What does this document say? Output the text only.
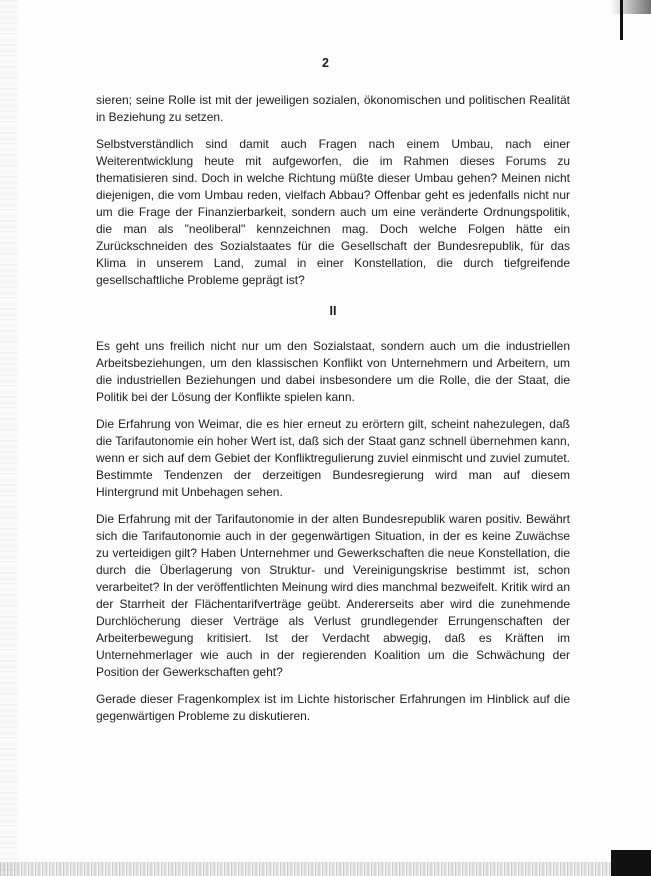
2

sieren; seine Rolle ist mit der jeweiligen sozialen, ökonomischen und politischen Realität in Beziehung zu setzen.

Selbstverständlich sind damit auch Fragen nach einem Umbau, nach einer Weiterentwicklung heute mit aufgeworfen, die im Rahmen dieses Forums zu thematisieren sind. Doch in welche Richtung müßte dieser Umbau gehen? Meinen nicht diejenigen, die vom Umbau reden, vielfach Abbau? Offenbar geht es jedenfalls nicht nur um die Frage der Finanzierbarkeit, sondern auch um eine veränderte Ordnungspolitik, die man als "neoliberal" kennzeichnen mag. Doch welche Folgen hätte ein Zurückschneiden des Sozialstaates für die Gesellschaft der Bundesrepublik, für das Klima in unserem Land, zumal in einer Konstellation, die durch tiefgreifende gesellschaftliche Probleme geprägt ist?

II

Es geht uns freilich nicht nur um den Sozialstaat, sondern auch um die industriellen Arbeitsbeziehungen, um den klassischen Konflikt von Unternehmern und Arbeitern, um die industriellen Beziehungen und dabei insbesondere um die Rolle, die der Staat, die Politik bei der Lösung der Konflikte spielen kann.

Die Erfahrung von Weimar, die es hier erneut zu erörtern gilt, scheint nahezulegen, daß die Tarifautonomie ein hoher Wert ist, daß sich der Staat ganz schnell übernehmen kann, wenn er sich auf dem Gebiet der Konfliktregulierung zuviel einmischt und zuviel zumutet. Bestimmte Tendenzen der derzeitigen Bundesregierung wird man auf diesem Hintergrund mit Unbehagen sehen.

Die Erfahrung mit der Tarifautonomie in der alten Bundesrepublik waren positiv. Bewährt sich die Tarifautonomie auch in der gegenwärtigen Situation, in der es keine Zuwächse zu verteidigen gilt? Haben Unternehmer und Gewerkschaften die neue Konstellation, die durch die Überlagerung von Struktur- und Vereinigungskrise bestimmt ist, schon verarbeitet? In der veröffentlichten Meinung wird dies manchmal bezweifelt. Kritik wird an der Starrheit der Flächentarifverträge geübt. Andererseits aber wird die zunehmende Durchlöcherung dieser Verträge als Verlust grundlegender Errungenschaften der Arbeiterbewegung kritisiert. Ist der Verdacht abwegig, daß es Kräften im Unternehmerlager wie auch in der regierenden Koalition um die Schwächung der Position der Gewerkschaften geht?

Gerade dieser Fragenkomplex ist im Lichte historischer Erfahrungen im Hinblick auf die gegenwärtigen Probleme zu diskutieren.
